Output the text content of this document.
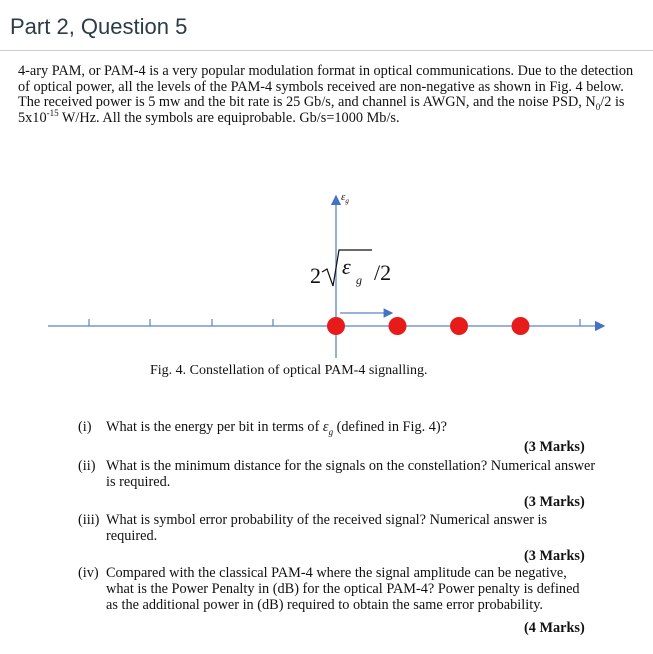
Part 2, Question 5
4-ary PAM, or PAM-4 is a very popular modulation format in optical communications. Due to the detection of optical power, all the levels of the PAM-4 symbols received are non-negative as shown in Fig. 4 below. The received power is 5 mw and the bit rate is 25 Gb/s, and channel is AWGN, and the noise PSD, $N_0/2$ is $5x10^{-15}$ W/Hz. All the symbols are equiprobable. Gb/s=1000 Mb/s.
$\varepsilon_g$
2 ε
g /2
Fig. 4. Constellation of optical PAM-4 signalling.
(i) What is the energy per bit in terms of $\varepsilon_g$ (defined in Fig. 4)?
(3 Marks)
(ii) What is the minimum distance for the signals on the constellation? Numerical answer
is required.
(3 Marks)
(iii) What is symbol error probability of the received signal? Numerical answer is
required.
(3 Marks)
(iv) Compared with the classical PAM-4 where the signal amplitude can be negative,
what is the Power Penalty in (dB) for the optical PAM-4? Power penalty is defined
as the additional power in (dB) required to obtain the same error probability.
(4 Marks)
